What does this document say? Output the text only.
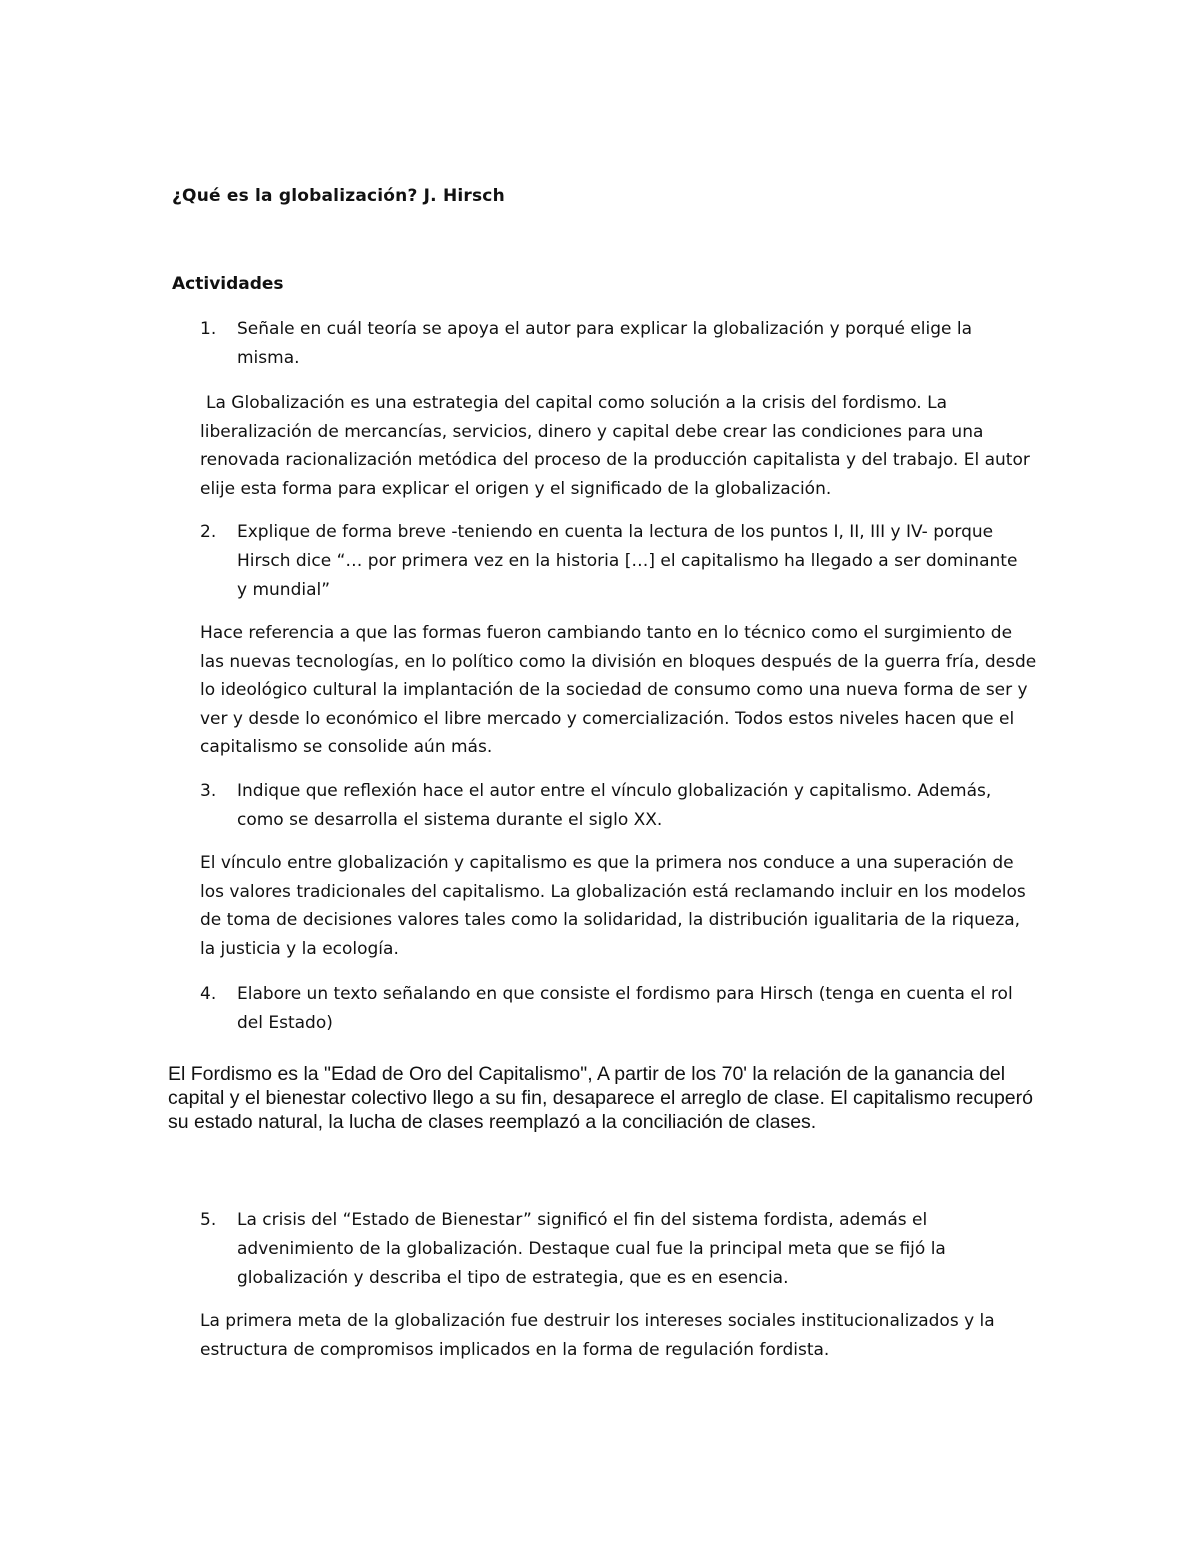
¿Qué es la globalización? J. Hirsch
Actividades
1.	Señale en cuál teoría se apoya el autor para explicar la globalización y porqué elige la misma.

La Globalización es una estrategia del capital como solución a la crisis del fordismo. La liberalización de mercancías, servicios, dinero y capital debe crear las condiciones para una renovada racionalización metódica del proceso de la producción capitalista y del trabajo. El autor elije esta forma para explicar el origen y el significado de la globalización.

2.	Explique de forma breve -teniendo en cuenta la lectura de los puntos I, II, III y IV- porque Hirsch dice “… por primera vez en la historia […] el capitalismo ha llegado a ser dominante y mundial”

Hace referencia a que las formas fueron cambiando tanto en lo técnico como el surgimiento de las nuevas tecnologías, en lo político como la división en bloques después de la guerra fría, desde lo ideológico cultural la implantación de la sociedad de consumo como una nueva forma de ser y ver y desde lo económico el libre mercado y comercialización. Todos estos niveles hacen que el capitalismo se consolide aún más.

3.	Indique que reflexión hace el autor entre el vínculo globalización y capitalismo. Además, como se desarrolla el sistema durante el siglo XX.

El vínculo entre globalización y capitalismo es que la primera nos conduce a una superación de los valores tradicionales del capitalismo. La globalización está reclamando incluir en los modelos de toma de decisiones valores tales como la solidaridad, la distribución igualitaria de la riqueza, la justicia y la ecología.

4.	Elabore un texto señalando en que consiste el fordismo para Hirsch (tenga en cuenta el rol del Estado)

El Fordismo es la "Edad de Oro del Capitalismo", A partir de los 70' la relación de la ganancia del capital y el bienestar colectivo llego a su fin, desaparece el arreglo de clase. El capitalismo recuperó su estado natural, la lucha de clases reemplazó a la conciliación de clases.

5.	La crisis del “Estado de Bienestar” significó el fin del sistema fordista, además el advenimiento de la globalización. Destaque cual fue la principal meta que se fijó la globalización y describa el tipo de estrategia, que es en esencia.

La primera meta de la globalización fue destruir los intereses sociales institucionalizados y la estructura de compromisos implicados en la forma de regulación fordista.
